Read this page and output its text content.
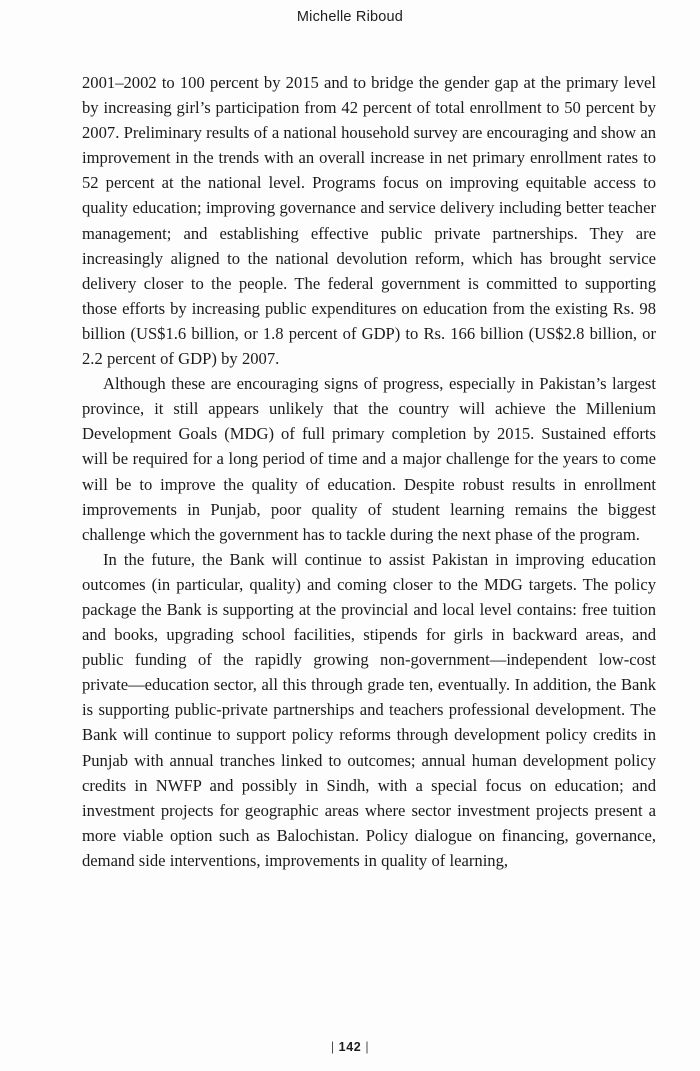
Michelle Riboud

2001–2002 to 100 percent by 2015 and to bridge the gender gap at the primary level by increasing girl’s participation from 42 percent of total enrollment to 50 percent by 2007. Preliminary results of a national household survey are encouraging and show an improvement in the trends with an overall increase in net primary enrollment rates to 52 percent at the national level. Programs focus on improving equitable access to quality education; improving governance and service delivery including better teacher management; and establishing effective public private partnerships. They are increasingly aligned to the national devolution reform, which has brought service delivery closer to the people. The federal government is committed to supporting those efforts by increasing public expenditures on education from the existing Rs. 98 billion (US$1.6 billion, or 1.8 percent of GDP) to Rs. 166 billion (US$2.8 billion, or 2.2 percent of GDP) by 2007.

Although these are encouraging signs of progress, especially in Pakistan’s largest province, it still appears unlikely that the country will achieve the Millenium Development Goals (MDG) of full primary completion by 2015. Sustained efforts will be required for a long period of time and a major challenge for the years to come will be to improve the quality of education. Despite robust results in enrollment improvements in Punjab, poor quality of student learning remains the biggest challenge which the government has to tackle during the next phase of the program.

In the future, the Bank will continue to assist Pakistan in improving education outcomes (in particular, quality) and coming closer to the MDG targets. The policy package the Bank is supporting at the provincial and local level contains: free tuition and books, upgrading school facilities, stipends for girls in backward areas, and public funding of the rapidly growing non-government—independent low-cost private—education sector, all this through grade ten, eventually. In addition, the Bank is supporting public-private partnerships and teachers professional development. The Bank will continue to support policy reforms through development policy credits in Punjab with annual tranches linked to outcomes; annual human development policy credits in NWFP and possibly in Sindh, with a special focus on education; and investment projects for geographic areas where sector investment projects present a more viable option such as Balochistan. Policy dialogue on financing, governance, demand side interventions, improvements in quality of learning,

| 142 |
